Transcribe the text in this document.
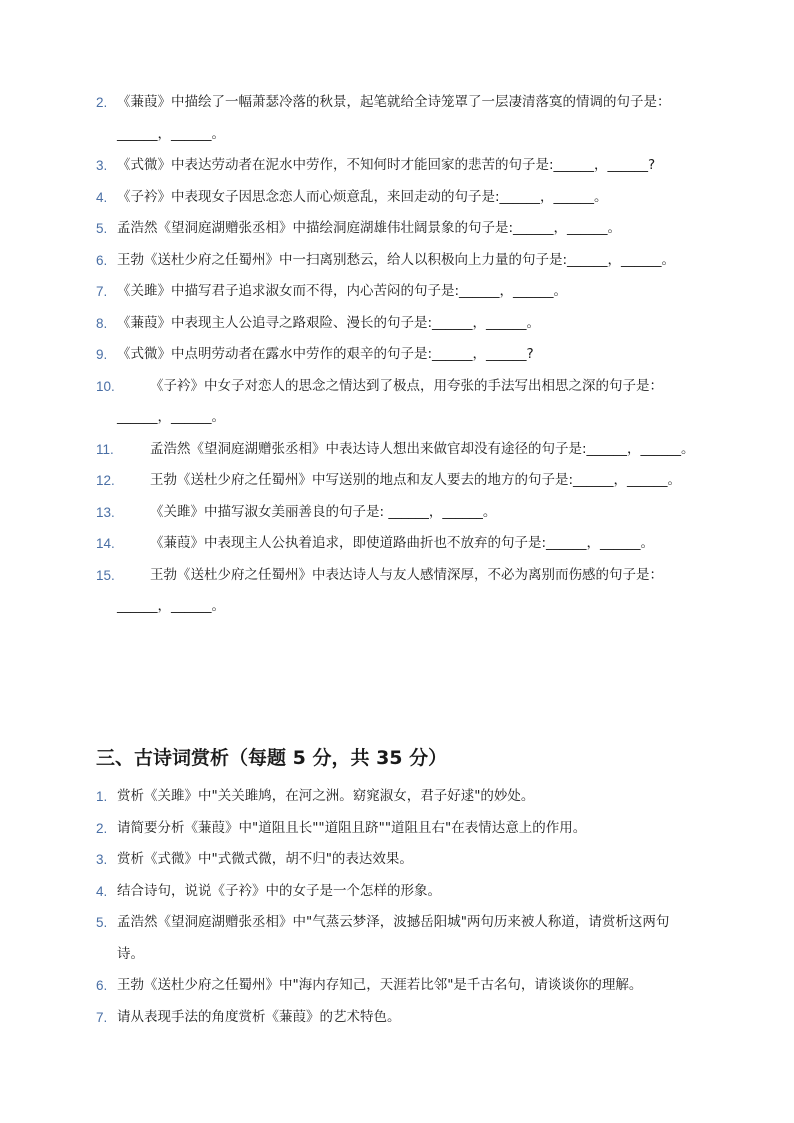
2. 《蒹葭》中描绘了一幅萧瑟冷落的秋景，起笔就给全诗笼罩了一层凄清落寞的情调的句子是：______，______。
3. 《式微》中表达劳动者在泥水中劳作，不知何时才能回家的悲苦的句子是:______，______?
4. 《子衿》中表现女子因思念恋人而心烦意乱，来回走动的句子是:______，______。
5. 孟浩然《望洞庭湖赠张丞相》中描绘洞庭湖雄伟壮阔景象的句子是:______，______。
6. 王勃《送杜少府之任蜀州》中一扫离别愁云，给人以积极向上力量的句子是:______，______。
7. 《关雎》中描写君子追求淑女而不得，内心苦闷的句子是:______，______。
8. 《蒹葭》中表现主人公追寻之路艰险、漫长的句子是:______，______。
9. 《式微》中点明劳动者在露水中劳作的艰辛的句子是:______，______?
10.	《子衿》中女子对恋人的思念之情达到了极点，用夸张的手法写出相思之深的句子是：______，______。
11.	孟浩然《望洞庭湖赠张丞相》中表达诗人想出来做官却没有途径的句子是:______，______。
12.	王勃《送杜少府之任蜀州》中写送别的地点和友人要去的地方的句子是:______，______。
13.	《关雎》中描写淑女美丽善良的句子是: ______，______。
14.	《蒹葭》中表现主人公执着追求，即使道路曲折也不放弃的句子是:______，______。
15.	王勃《送杜少府之任蜀州》中表达诗人与友人感情深厚，不必为离别而伤感的句子是：______，______。
三、古诗词赏析（每题 5 分，共 35 分）
1. 赏析《关雎》中"关关雎鸠，在河之洲。窈窕淑女，君子好逑"的妙处。
2. 请简要分析《蒹葭》中"道阻且长""道阻且跻""道阻且右"在表情达意上的作用。
3. 赏析《式微》中"式微式微，胡不归"的表达效果。
4. 结合诗句，说说《子衿》中的女子是一个怎样的形象。
5. 孟浩然《望洞庭湖赠张丞相》中"气蒸云梦泽，波撼岳阳城"两句历来被人称道，请赏析这两句诗。
6. 王勃《送杜少府之任蜀州》中"海内存知己，天涯若比邻"是千古名句，请谈谈你的理解。
7. 请从表现手法的角度赏析《蒹葭》的艺术特色。
